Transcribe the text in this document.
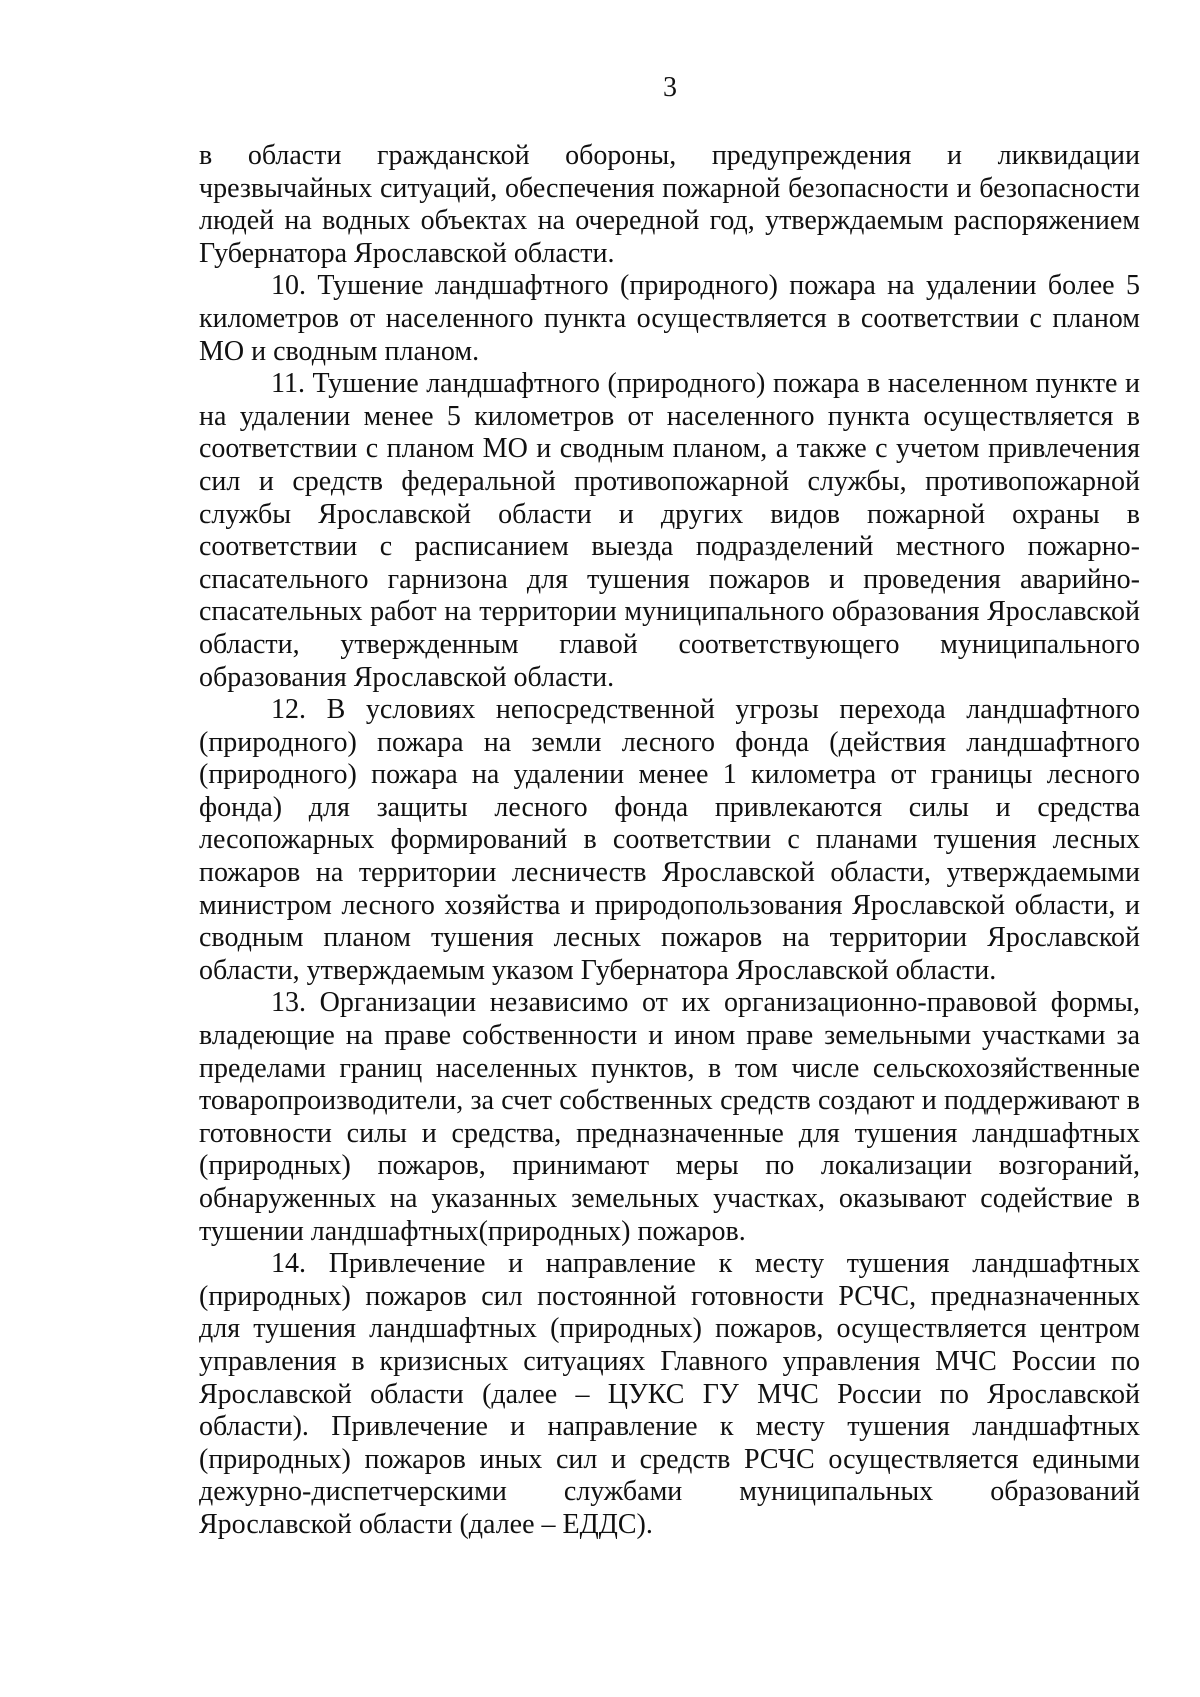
3

в области гражданской обороны, предупреждения и ликвидации чрезвычайных ситуаций, обеспечения пожарной безопасности и безопасности людей на водных объектах на очередной год, утверждаемым распоряжением Губернатора Ярославской области.

10. Тушение ландшафтного (природного) пожара на удалении более 5 километров от населенного пункта осуществляется в соответствии с планом МО и сводным планом.

11. Тушение ландшафтного (природного) пожара в населенном пункте и на удалении менее 5 километров от населенного пункта осуществляется в соответствии с планом МО и сводным планом, а также с учетом привлечения сил и средств федеральной противопожарной службы, противопожарной службы Ярославской области и других видов пожарной охраны в соответствии с расписанием выезда подразделений местного пожарно-спасательного гарнизона для тушения пожаров и проведения аварийно-спасательных работ на территории муниципального образования Ярославской области, утвержденным главой соответствующего муниципального образования Ярославской области.

12. В условиях непосредственной угрозы перехода ландшафтного (природного) пожара на земли лесного фонда (действия ландшафтного (природного) пожара на удалении менее 1 километра от границы лесного фонда) для защиты лесного фонда привлекаются силы и средства лесопожарных формирований в соответствии с планами тушения лесных пожаров на территории лесничеств Ярославской области, утверждаемыми министром лесного хозяйства и природопользования Ярославской области, и сводным планом тушения лесных пожаров на территории Ярославской области, утверждаемым указом Губернатора Ярославской области.

13. Организации независимо от их организационно-правовой формы, владеющие на праве собственности и ином праве земельными участками за пределами границ населенных пунктов, в том числе сельскохозяйственные товаропроизводители, за счет собственных средств создают и поддерживают в готовности силы и средства, предназначенные для тушения ландшафтных (природных) пожаров, принимают меры по локализации возгораний, обнаруженных на указанных земельных участках, оказывают содействие в тушении ландшафтных(природных) пожаров.

14. Привлечение и направление к месту тушения ландшафтных (природных) пожаров сил постоянной готовности РСЧС, предназначенных для тушения ландшафтных (природных) пожаров, осуществляется центром управления в кризисных ситуациях Главного управления МЧС России по Ярославской области (далее – ЦУКС ГУ МЧС России по Ярославской области). Привлечение и направление к месту тушения ландшафтных (природных) пожаров иных сил и средств РСЧС осуществляется едиными дежурно-диспетчерскими службами муниципальных образований Ярославской области (далее – ЕДДС).
